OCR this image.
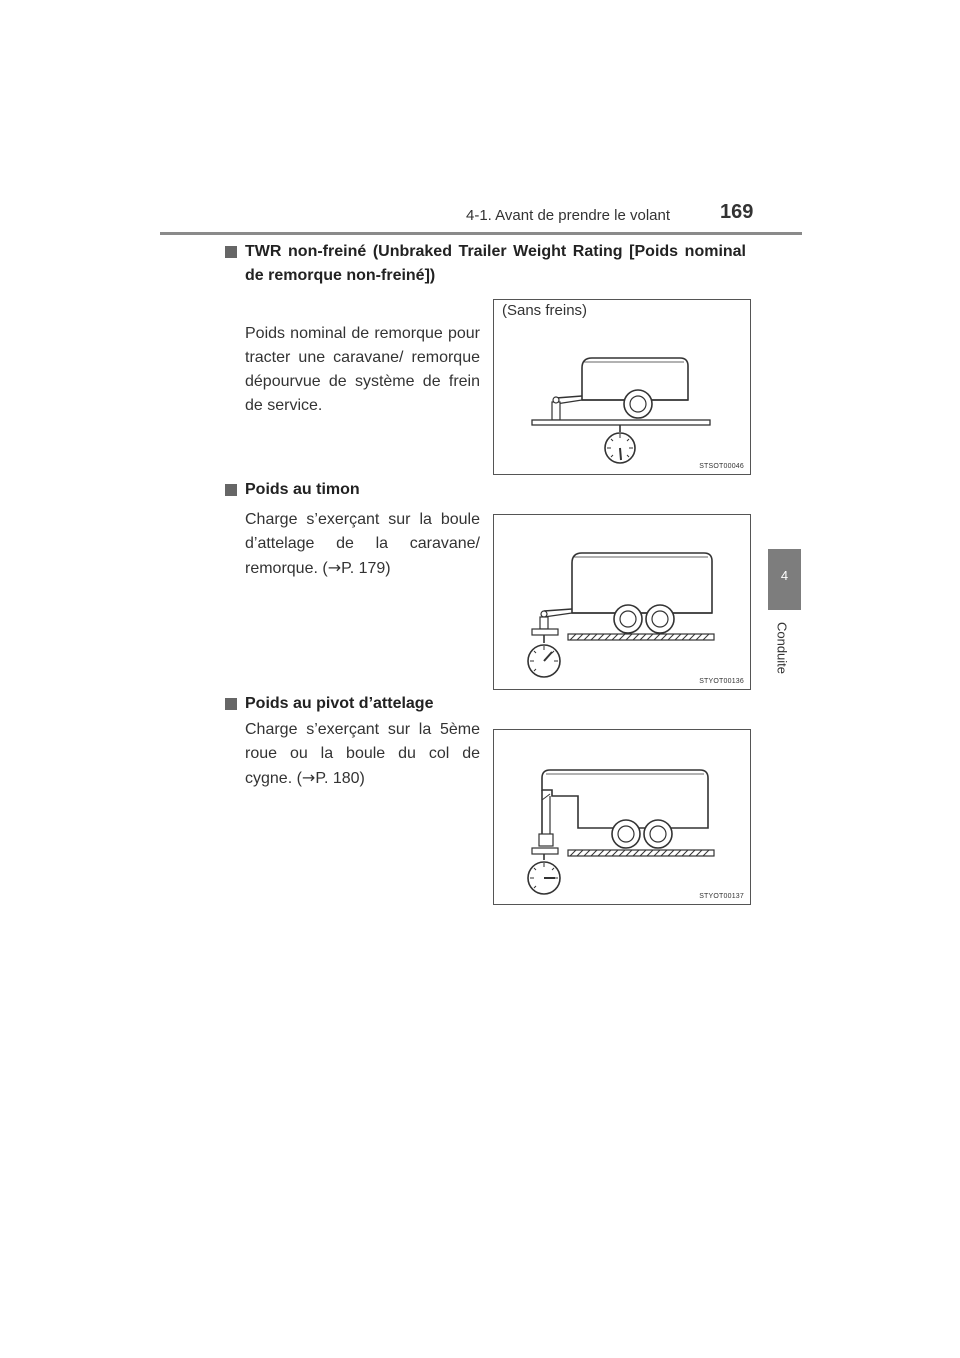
4-1. Avant de prendre le volant 169
4
Conduite
TWR non-freiné (Unbraked Trailer Weight Rating [Poids nominal de remorque non-freiné])
Poids nominal de remorque pour tracter une caravane/ remorque dépourvue de système de frein de service.
(Sans freins)
STSOT00046
Poids au timon
Charge s’exerçant sur la boule d’attelage de la caravane/ remorque. (→P. 179)
STYOT00136
Poids au pivot d’attelage
Charge s’exerçant sur la 5ème roue ou la boule du col de cygne. (→P. 180)
STYOT00137
